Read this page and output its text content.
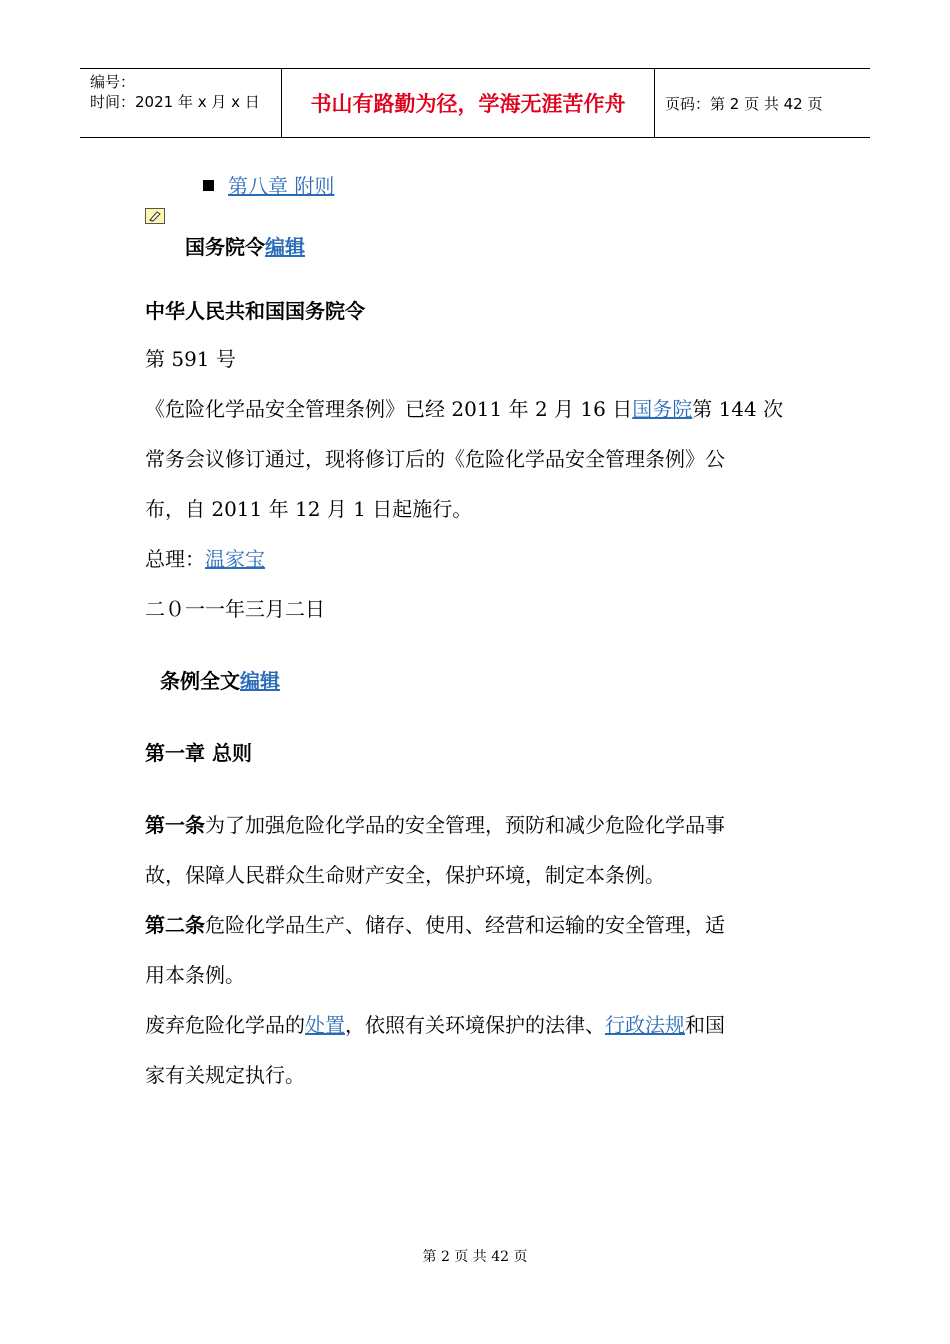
编号：
时间：2021 年 x 月 x 日 书山有路勤为径，学海无涯苦作舟	页码：第 2 页 共 42 页
第八章 附则
国务院令编辑
中华人民共和国国务院令
第 591 号
《危险化学品安全管理条例》已经 2011 年 2 月 16 日国务院第 144 次
常务会议修订通过，现将修订后的《危险化学品安全管理条例》公
布，自 2011 年 12 月 1 日起施行。
总理：温家宝
二０一一年三月二日
条例全文编辑
第一章 总则
第一条为了加强危险化学品的安全管理，预防和减少危险化学品事
故，保障人民群众生命财产安全，保护环境，制定本条例。
第二条危险化学品生产、储存、使用、经营和运输的安全管理，适
用本条例。
废弃危险化学品的处置，依照有关环境保护的法律、行政法规和国
家有关规定执行。
第 2 页 共 42 页
